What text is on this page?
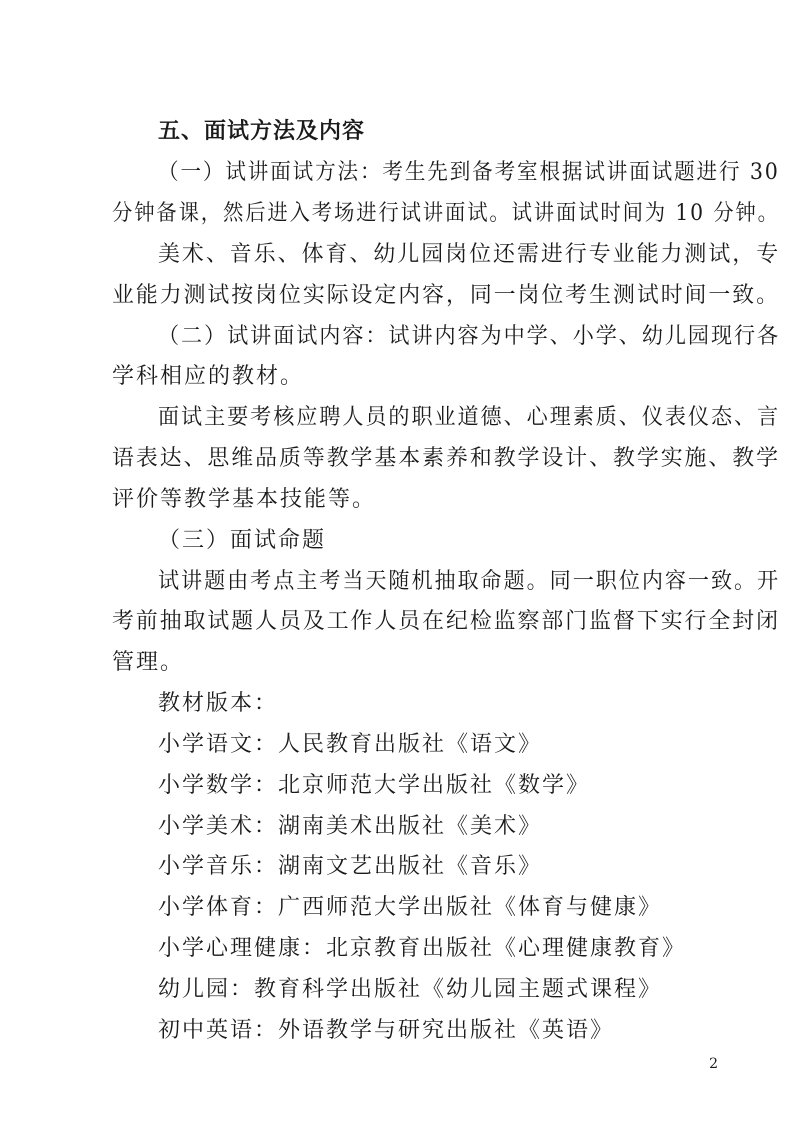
五、面试方法及内容
（一）试讲面试方法：考生先到备考室根据试讲面试题进行 30
分钟备课，然后进入考场进行试讲面试。试讲面试时间为 10 分钟。
美术、音乐、体育、幼儿园岗位还需进行专业能力测试，专
业能力测试按岗位实际设定内容，同一岗位考生测试时间一致。
（二）试讲面试内容：试讲内容为中学、小学、幼儿园现行各
学科相应的教材。
面试主要考核应聘人员的职业道德、心理素质、仪表仪态、言
语表达、思维品质等教学基本素养和教学设计、教学实施、教学
评价等教学基本技能等。
（三）面试命题
试讲题由考点主考当天随机抽取命题。同一职位内容一致。开
考前抽取试题人员及工作人员在纪检监察部门监督下实行全封闭
管理。
教材版本：
小学语文：人民教育出版社《语文》
小学数学：北京师范大学出版社《数学》
小学美术：湖南美术出版社《美术》
小学音乐：湖南文艺出版社《音乐》
小学体育：广西师范大学出版社《体育与健康》
小学心理健康：北京教育出版社《心理健康教育》
幼儿园：教育科学出版社《幼儿园主题式课程》
初中英语：外语教学与研究出版社《英语》
2
